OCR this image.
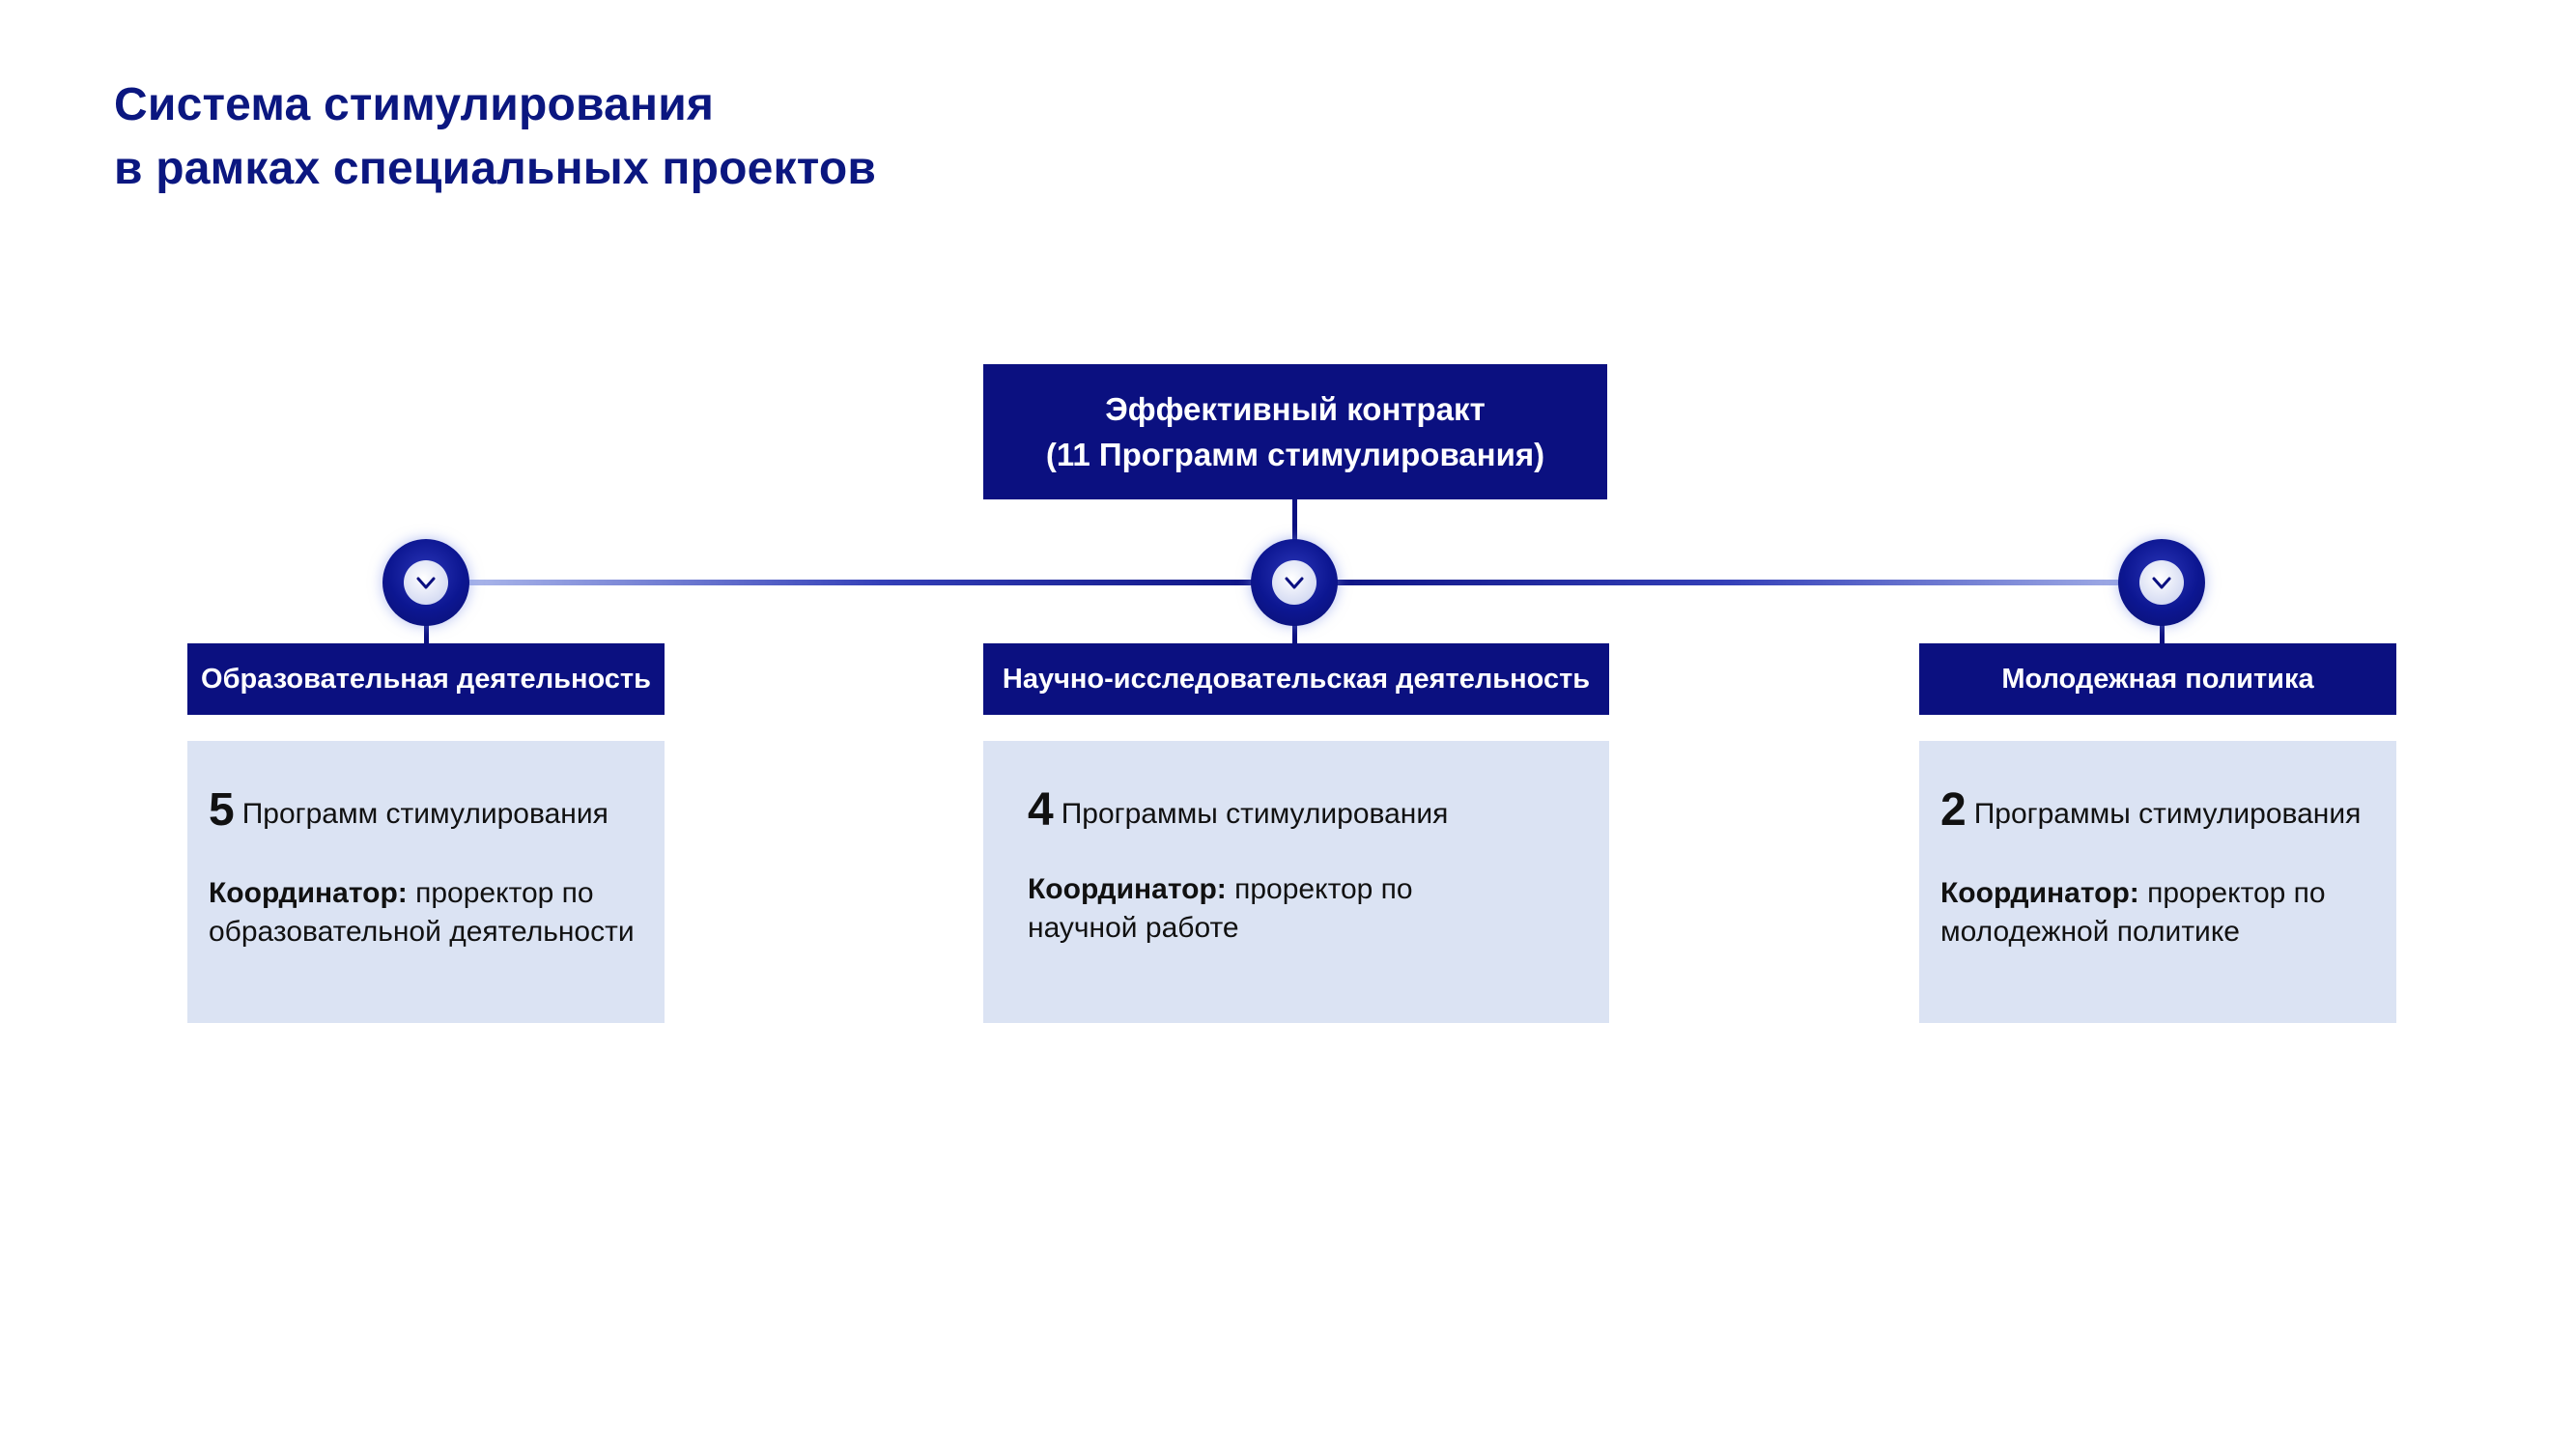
Система стимулирования
в рамках специальных проектов
Эффективный контракт
(11 Программ стимулирования)
Образовательная деятельность	Научно-исследовательская деятельность	Молодежная политика
5 Программ стимулирования
Координатор: проректор по
образовательной деятельности
4 Программы стимулирования
Координатор: проректор по
научной работе
2 Программы стимулирования
Координатор: проректор по
молодежной политике
